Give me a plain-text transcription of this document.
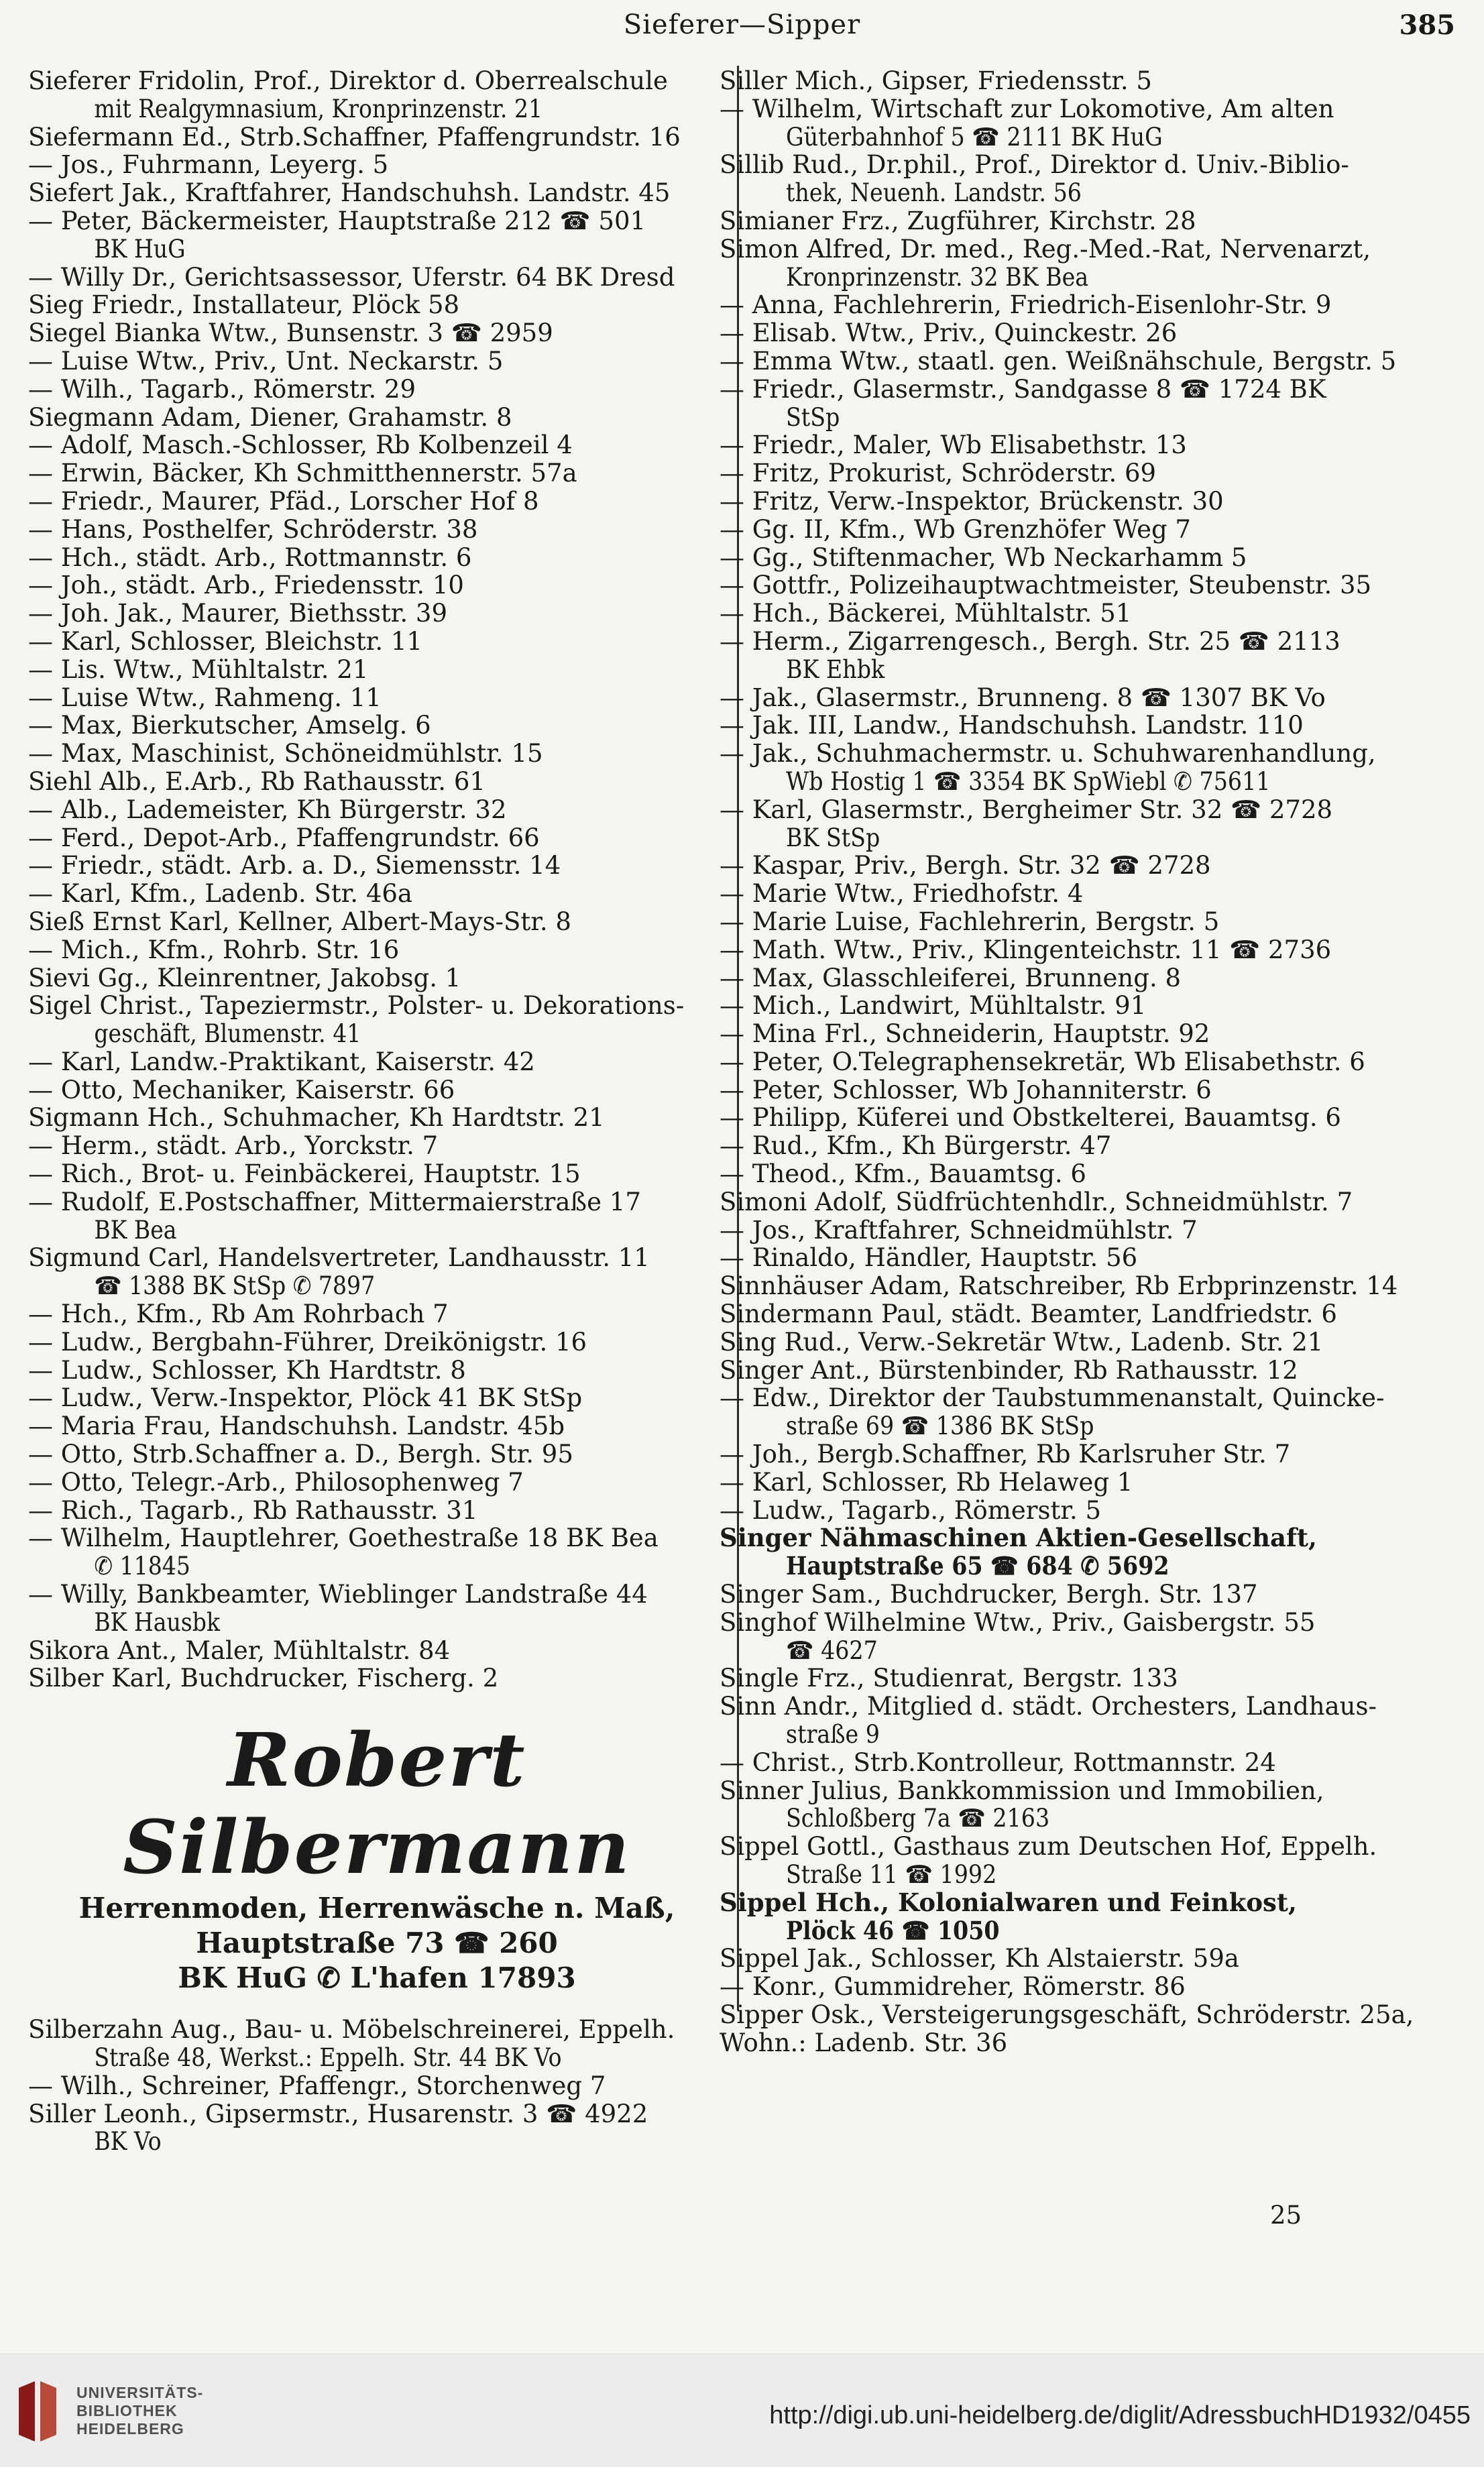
Sieferer—Sipper	385
Sieferer Fridolin, Prof., Direktor d. Oberrealschule
mit Realgymnasium, Kronprinzenstr. 21
Siefermann Ed., Strb.Schaffner, Pfaffengrundstr. 16
— Jos., Fuhrmann, Leyerg. 5
Siefert Jak., Kraftfahrer, Handschuhsh. Landstr. 45
— Peter, Bäckermeister, Hauptstraße 212 ☎ 501
BK HuG
— Willy Dr., Gerichtsassessor, Uferstr. 64 BK Dresd
Sieg Friedr., Installateur, Plöck 58
Siegel Bianka Wtw., Bunsenstr. 3 ☎ 2959
— Luise Wtw., Priv., Unt. Neckarstr. 5
— Wilh., Tagarb., Römerstr. 29
Siegmann Adam, Diener, Grahamstr. 8
— Adolf, Masch.-Schlosser, Rb Kolbenzeil 4
— Erwin, Bäcker, Kh Schmitthennerstr. 57a
— Friedr., Maurer, Pfäd., Lorscher Hof 8
— Hans, Posthelfer, Schröderstr. 38
— Hch., städt. Arb., Rottmannstr. 6
— Joh., städt. Arb., Friedensstr. 10
— Joh. Jak., Maurer, Biethsstr. 39
— Karl, Schlosser, Bleichstr. 11
— Lis. Wtw., Mühltalstr. 21
— Luise Wtw., Rahmeng. 11
— Max, Bierkutscher, Amselg. 6
— Max, Maschinist, Schöneidmühlstr. 15
Siehl Alb., E.Arb., Rb Rathausstr. 61
— Alb., Lademeister, Kh Bürgerstr. 32
— Ferd., Depot-Arb., Pfaffengrundstr. 66
— Friedr., städt. Arb. a. D., Siemensstr. 14
— Karl, Kfm., Ladenb. Str. 46a
Sieß Ernst Karl, Kellner, Albert-Mays-Str. 8
— Mich., Kfm., Rohrb. Str. 16
Sievi Gg., Kleinrentner, Jakobsg. 1
Sigel Christ., Tapeziermstr., Polster- u. Dekorations-
geschäft, Blumenstr. 41
— Karl, Landw.-Praktikant, Kaiserstr. 42
— Otto, Mechaniker, Kaiserstr. 66
Sigmann Hch., Schuhmacher, Kh Hardtstr. 21
— Herm., städt. Arb., Yorckstr. 7
— Rich., Brot- u. Feinbäckerei, Hauptstr. 15
— Rudolf, E.Postschaffner, Mittermaierstraße 17
BK Bea
Sigmund Carl, Handelsvertreter, Landhausstr. 11
☎ 1388 BK StSp ✆ 7897
— Hch., Kfm., Rb Am Rohrbach 7
— Ludw., Bergbahn-Führer, Dreikönigstr. 16
— Ludw., Schlosser, Kh Hardtstr. 8
— Ludw., Verw.-Inspektor, Plöck 41 BK StSp
— Maria Frau, Handschuhsh. Landstr. 45b
— Otto, Strb.Schaffner a. D., Bergh. Str. 95
— Otto, Telegr.-Arb., Philosophenweg 7
— Rich., Tagarb., Rb Rathausstr. 31
— Wilhelm, Hauptlehrer, Goethestraße 18 BK Bea
✆ 11845
— Willy, Bankbeamter, Wieblinger Landstraße 44
BK Hausbk
Sikora Ant., Maler, Mühltalstr. 84
Silber Karl, Buchdrucker, Fischerg. 2
Robert Silbermann
Herrenmoden, Herrenwäsche n. Maß,
Hauptstraße 73 ☎ 260
BK HuG ✆ L'hafen 17893
Silberzahn Aug., Bau- u. Möbelschreinerei, Eppelh.
Straße 48, Werkst.: Eppelh. Str. 44 BK Vo
— Wilh., Schreiner, Pfaffengr., Storchenweg 7
Siller Leonh., Gipsermstr., Husarenstr. 3 ☎ 4922
BK Vo
Siller Mich., Gipser, Friedensstr. 5
— Wilhelm, Wirtschaft zur Lokomotive, Am alten
Güterbahnhof 5 ☎ 2111 BK HuG
Sillib Rud., Dr.phil., Prof., Direktor d. Univ.-Biblio-
thek, Neuenh. Landstr. 56
Simianer Frz., Zugführer, Kirchstr. 28
Simon Alfred, Dr. med., Reg.-Med.-Rat, Nervenarzt,
Kronprinzenstr. 32 BK Bea
— Anna, Fachlehrerin, Friedrich-Eisenlohr-Str. 9
— Elisab. Wtw., Priv., Quinckestr. 26
— Emma Wtw., staatl. gen. Weißnähschule, Bergstr. 5
— Friedr., Glasermstr., Sandgasse 8 ☎ 1724 BK
StSp
— Friedr., Maler, Wb Elisabethstr. 13
— Fritz, Prokurist, Schröderstr. 69
— Fritz, Verw.-Inspektor, Brückenstr. 30
— Gg. II, Kfm., Wb Grenzhöfer Weg 7
— Gg., Stiftenmacher, Wb Neckarhamm 5
— Gottfr., Polizeihauptwachtmeister, Steubenstr. 35
— Hch., Bäckerei, Mühltalstr. 51
— Herm., Zigarrengesch., Bergh. Str. 25 ☎ 2113
BK Ehbk
— Jak., Glasermstr., Brunneng. 8 ☎ 1307 BK Vo
— Jak. III, Landw., Handschuhsh. Landstr. 110
— Jak., Schuhmachermstr. u. Schuhwarenhandlung,
Wb Hostig 1 ☎ 3354 BK SpWiebl ✆ 75611
— Karl, Glasermstr., Bergheimer Str. 32 ☎ 2728
BK StSp
— Kaspar, Priv., Bergh. Str. 32 ☎ 2728
— Marie Wtw., Friedhofstr. 4
— Marie Luise, Fachlehrerin, Bergstr. 5
— Math. Wtw., Priv., Klingenteichstr. 11 ☎ 2736
— Max, Glasschleiferei, Brunneng. 8
— Mich., Landwirt, Mühltalstr. 91
— Mina Frl., Schneiderin, Hauptstr. 92
— Peter, O.Telegraphensekretär, Wb Elisabethstr. 6
— Peter, Schlosser, Wb Johanniterstr. 6
— Philipp, Küferei und Obstkelterei, Bauamtsg. 6
— Rud., Kfm., Kh Bürgerstr. 47
— Theod., Kfm., Bauamtsg. 6
Simoni Adolf, Südfrüchtenhdlr., Schneidmühlstr. 7
— Jos., Kraftfahrer, Schneidmühlstr. 7
— Rinaldo, Händler, Hauptstr. 56
Sinnhäuser Adam, Ratschreiber, Rb Erbprinzenstr. 14
Sindermann Paul, städt. Beamter, Landfriedstr. 6
Sing Rud., Verw.-Sekretär Wtw., Ladenb. Str. 21
Singer Ant., Bürstenbinder, Rb Rathausstr. 12
— Edw., Direktor der Taubstummenanstalt, Quincke-
straße 69 ☎ 1386 BK StSp
— Joh., Bergb.Schaffner, Rb Karlsruher Str. 7
— Karl, Schlosser, Rb Helaweg 1
— Ludw., Tagarb., Römerstr. 5
Singer Nähmaschinen Aktien-Gesellschaft,
Hauptstraße 65 ☎ 684 ✆ 5692
Singer Sam., Buchdrucker, Bergh. Str. 137
Singhof Wilhelmine Wtw., Priv., Gaisbergstr. 55
☎ 4627
Single Frz., Studienrat, Bergstr. 133
Sinn Andr., Mitglied d. städt. Orchesters, Landhaus-
straße 9
— Christ., Strb.Kontrolleur, Rottmannstr. 24
Sinner Julius, Bankkommission und Immobilien,
Schloßberg 7a ☎ 2163
Sippel Gottl., Gasthaus zum Deutschen Hof, Eppelh.
Straße 11 ☎ 1992
Sippel Hch., Kolonialwaren und Feinkost,
Plöck 46 ☎ 1050
Sippel Jak., Schlosser, Kh Alstaierstr. 59a
— Konr., Gummidreher, Römerstr. 86
Sipper Osk., Versteigerungsgeschäft, Schröderstr. 25a,
Wohn.: Ladenb. Str. 36
25
UNIVERSITÄTS-
BIBLIOTHEK
HEIDELBERG	http://digi.ub.uni-heidelberg.de/diglit/AdressbuchHD1932/0455
